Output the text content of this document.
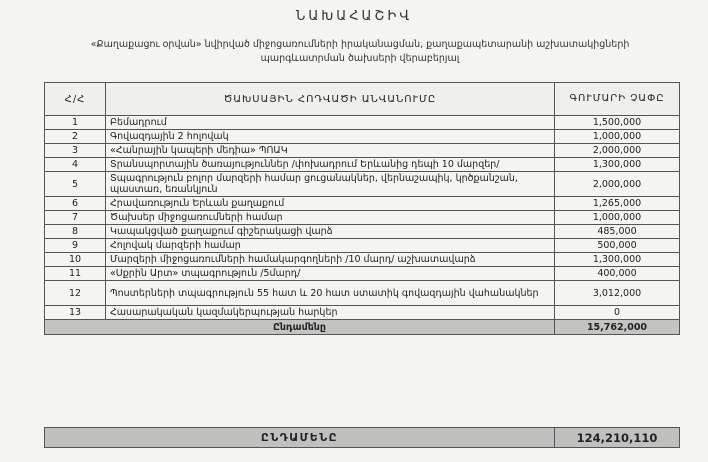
ՆԱԽԱՀԱՇԻՎ
«Քաղաքացու օրվան» նվիրված միջոցառումների իրականացման, քաղաքապետարանի աշխատակիցների պարգևատրման ծախսերի վերաբերյալ
Հ/Հ	ԾԱԽՍԱՅԻՆ ՀՈԴՎԱԾԻ ԱՆՎԱՆՈՒՄԸ	ԳՈՒՄԱՐԻ ՉԱՓԸ
1	Բեմադրում	1,500,000
2	Գովազդային 2 հոլովակ	1,000,000
3	«Հանրային կապերի մեդիա» ՊՈԱԿ	2,000,000
4	Տրանսպորտային ծառայություններ /փոխադրում Երևանից դեպի 10 մարզեր/	1,300,000
5	Տպագրություն բոլոր մարզերի համար ցուցանակներ, վերնաշապիկ, կրծքանշան, պաստառ, եռանկյուն	2,000,000
6	Հրավառություն Երևան քաղաքում	1,265,000
7	Ծախսեր միջոցառումների համար	1,000,000
8	Կապակցված քաղաքում գիշերակացի վարձ	485,000
9	Հոլովակ մարզերի համար	500,000
10	Մարզերի միջոցառումների համակարգողների /10 մարդ/ աշխատավարձ	1,300,000
11	«Սքրին Արտ» տպագրություն /5մարդ/	400,000
12	Պոստերների տպագրություն 55 հատ և 20 հատ ստատիկ գովազդային վահանակներ	3,012,000
13	Հասարակական կազմակերպության հարկեր	0
Ընդամենը		15,762,000
ԸՆԴԱՄԵՆԸ	124,210,110
